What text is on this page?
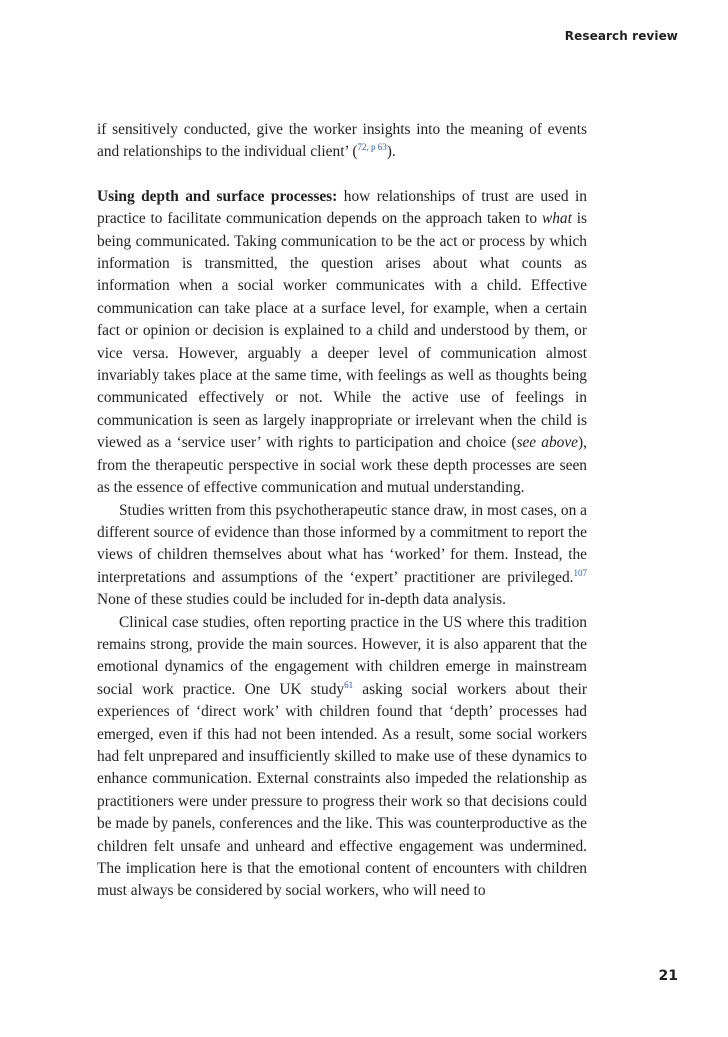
Research review

if sensitively conducted, give the worker insights into the meaning of events and relationships to the individual client’ ($^{72, p 63}$).

Using depth and surface processes: how relationships of trust are used in practice to facilitate communication depends on the approach taken to what is being communicated. Taking communication to be the act or process by which information is transmitted, the question arises about what counts as information when a social worker communicates with a child. Effective communication can take place at a surface level, for example, when a certain fact or opinion or decision is explained to a child and understood by them, or vice versa. However, arguably a deeper level of communication almost invariably takes place at the same time, with feelings as well as thoughts being communicated effectively or not. While the active use of feelings in communication is seen as largely inappropriate or irrelevant when the child is viewed as a ‘service user’ with rights to participation and choice (see above), from the therapeutic perspective in social work these depth processes are seen as the essence of effective communication and mutual understanding.

Studies written from this psychotherapeutic stance draw, in most cases, on a different source of evidence than those informed by a commitment to report the views of children themselves about what has ‘worked’ for them. Instead, the interpretations and assumptions of the ‘expert’ practitioner are privileged.$^{107}$ None of these studies could be included for in-depth data analysis.

Clinical case studies, often reporting practice in the US where this tradition remains strong, provide the main sources. However, it is also apparent that the emotional dynamics of the engagement with children emerge in mainstream social work practice. One UK study$^{61}$ asking social workers about their experiences of ‘direct work’ with children found that ‘depth’ processes had emerged, even if this had not been intended. As a result, some social workers had felt unprepared and insufficiently skilled to make use of these dynamics to enhance communication. External constraints also impeded the relationship as practitioners were under pressure to progress their work so that decisions could be made by panels, conferences and the like. This was counterproductive as the children felt unsafe and unheard and effective engagement was undermined. The implication here is that the emotional content of encounters with children must always be considered by social workers, who will need to

21
